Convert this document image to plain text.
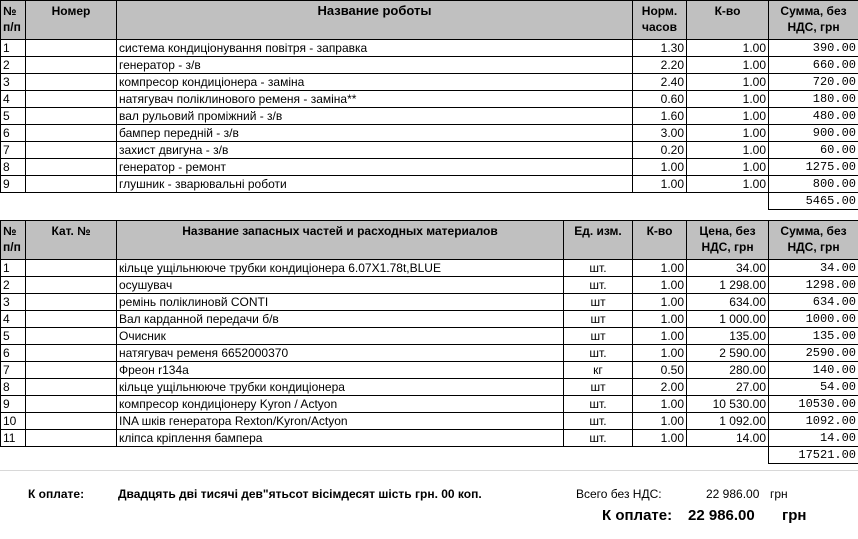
№ п/п	Номер	Название роботы	Норм. часов	К-во	Сумма, без НДС, грн
1		система кондиціонування повітря - заправка	1.30	1.00	390.00
2		генератор - з/в	2.20	1.00	660.00
3		компресор кондиціонера - заміна	2.40	1.00	720.00
4		натягувач поліклинового ременя - заміна**	0.60	1.00	180.00
5		вал рульовий проміжний - з/в	1.60	1.00	480.00
6		бампер передній - з/в	3.00	1.00	900.00
7		захист двигуна - з/в	0.20	1.00	60.00
8		генератор - ремонт	1.00	1.00	1275.00
9		глушник - зварювальні роботи	1.00	1.00	800.00
					5465.00

№ п/п	Кат. №	Название запасных частей и расходных материалов	Ед. изм.	К-во	Цена, без НДС, грн	Сумма, без НДС, грн
1		кільце ущільнююче трубки кондиціонера 6.07X1.78t,BLUE	шт.	1.00	34.00	34.00
2		осушувач	шт.	1.00	1 298.00	1298.00
3		ремінь поліклиновй CONTI	шт	1.00	634.00	634.00
4		Вал карданной передачи б/в	шт	1.00	1 000.00	1000.00
5		Очисник	шт	1.00	135.00	135.00
6		натягувач ременя 6652000370	шт.	1.00	2 590.00	2590.00
7		Фреон r134a	кг	0.50	280.00	140.00
8		кільце ущільнююче трубки кондиціонера	шт	2.00	27.00	54.00
9		компресор кондиціонеру Kyron / Actyon	шт.	1.00	10 530.00	10530.00
10		INA шків генератора Rexton/Kyron/Actyon	шт.	1.00	1 092.00	1092.00
11		кліпса кріплення бампера	шт.	1.00	14.00	14.00
						17521.00
К оплате:	Двадцять дві тисячі дев"ятьсот вісімдесят шість грн. 00 коп.	Всего без НДС:	22 986.00 грн
К оплате: 22 986.00 грн
